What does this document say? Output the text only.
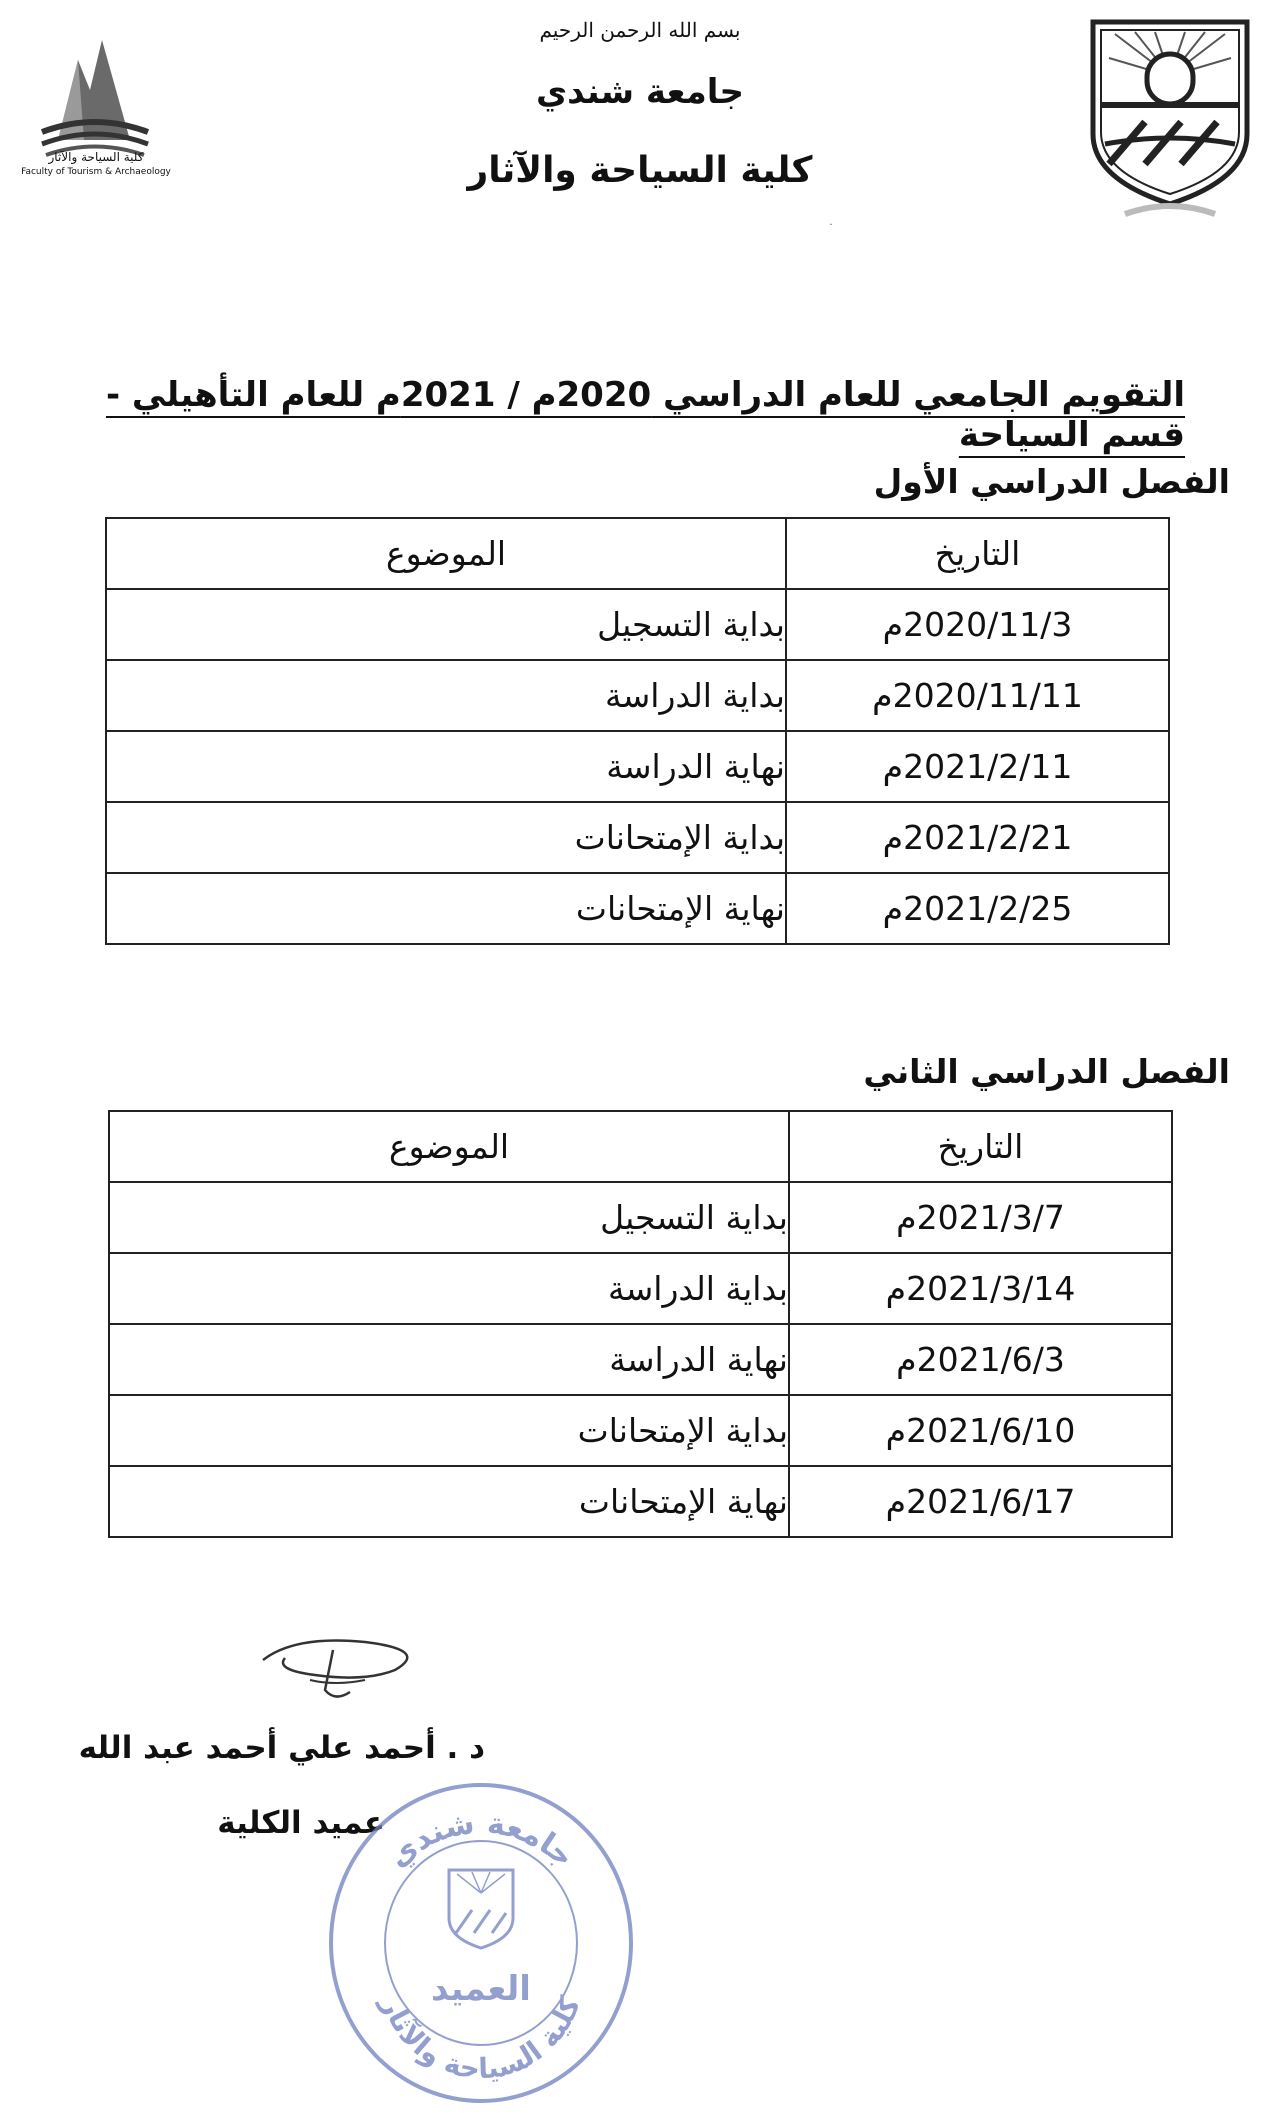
بسم الله الرحمن الرحيم
جامعة شندي
كلية السياحة والآثار
كلية السياحة والآثار
Faculty of Tourism & Archaeology
˙
التقويم الجامعي للعام الدراسي 2020م / 2021م للعام التأهيلي - قسم السياحة
الفصل الدراسي الأول
التاريخ	الموضوع
2020/11/3م	بداية التسجيل
2020/11/11م	بداية الدراسة
2021/2/11م	نهاية الدراسة
2021/2/21م	بداية الإمتحانات
2021/2/25م	نهاية الإمتحانات
الفصل الدراسي الثاني
التاريخ	الموضوع
2021/3/7م	بداية التسجيل
2021/3/14م	بداية الدراسة
2021/6/3م	نهاية الدراسة
2021/6/10م	بداية الإمتحانات
2021/6/17م	نهاية الإمتحانات
د . أحمد علي أحمد عبد الله
عميد الكلية
جامعة شندي
كلية السياحة والآثار
العميد
